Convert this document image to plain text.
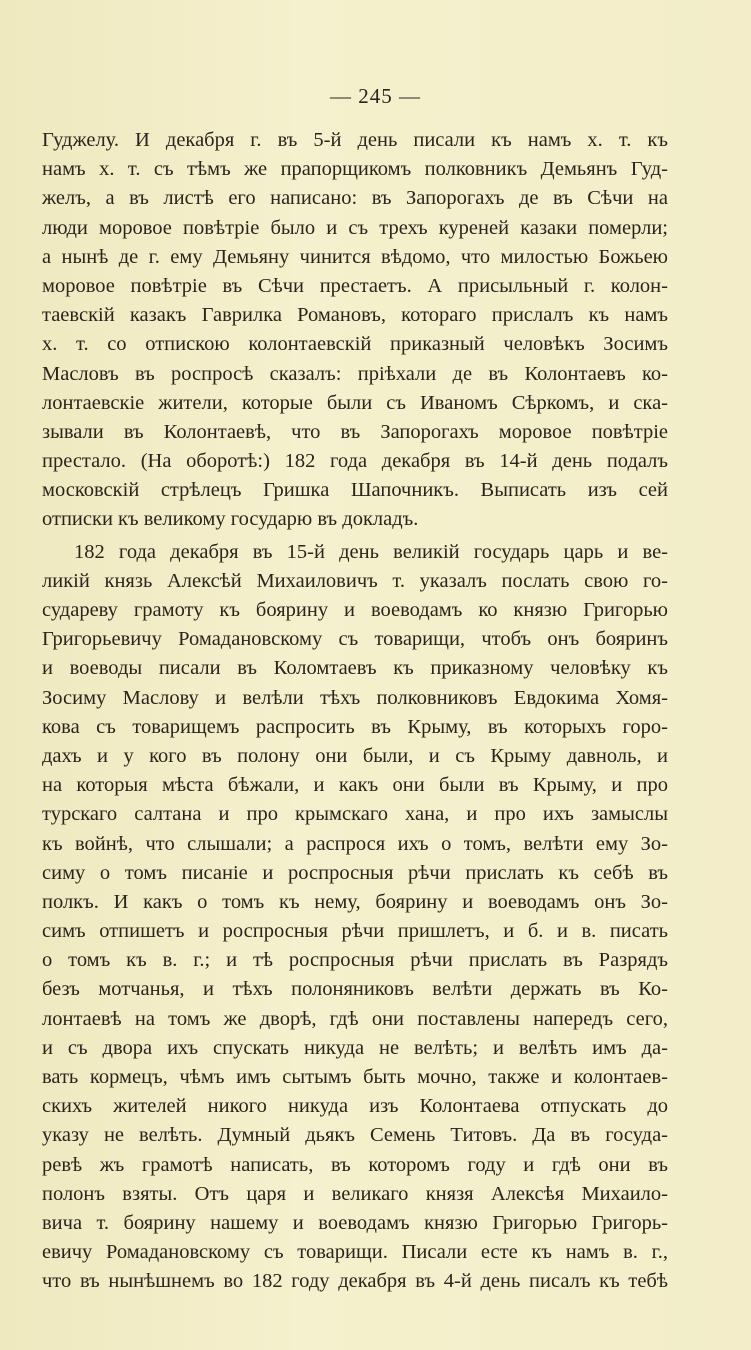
— 245 —
Гуджелу. И декабря г. въ 5-й день писали къ намъ х. т. къ
намъ х. т. съ тѣмъ же прапорщикомъ полковникъ Демьянъ Гуд-
желъ, а въ листѣ его написано: въ Запорогахъ де въ Сѣчи на
люди моровое повѣтріе было и съ трехъ куреней казаки померли;
а нынѣ де г. ему Демьяну чинится вѣдомо, что милостью Божьею
моровое повѣтріе въ Сѣчи престаетъ. А присыльный г. колон-
таевскій казакъ Гаврилка Романовъ, котораго прислалъ къ намъ
х. т. со отпискою колонтаевскій приказный человѣкъ Зосимъ
Масловъ въ роспросѣ сказалъ: пріѣхали де въ Колонтаевъ ко-
лонтаевскіе жители, которые были съ Иваномъ Сѣркомъ, и ска-
зывали въ Колонтаевѣ, что въ Запорогахъ моровое повѣтріе
престало. (На оборотѣ:) 182 года декабря въ 14-й день подалъ
московскій стрѣлецъ Гришка Шапочникъ. Выписать изъ сей
отписки къ великому государю въ докладъ.
182 года декабря въ 15-й день великій государь царь и ве-
ликій князь Алексѣй Михаиловичъ т. указалъ послать свою го-
судареву грамоту къ боярину и воеводамъ ко князю Григорью
Григорьевичу Ромадановскому съ товарищи, чтобъ онъ бояринъ
и воеводы писали въ Коломтаевъ къ приказному человѣку къ
Зосиму Маслову и велѣли тѣхъ полковниковъ Евдокима Хомя-
кова съ товарищемъ распросить въ Крыму, въ которыхъ горо-
дахъ и у кого въ полону они были, и съ Крыму давноль, и
на которыя мѣста бѣжали, и какъ они были въ Крыму, и про
турскаго салтана и про крымскаго хана, и про ихъ замыслы
къ войнѣ, что слышали; а распрося ихъ о томъ, велѣти ему Зо-
симу о томъ писаніе и роспросныя рѣчи прислать къ себѣ въ
полкъ. И какъ о томъ къ нему, боярину и воеводамъ онъ Зо-
симъ отпишетъ и роспросныя рѣчи пришлетъ, и б. и в. писать
о томъ къ в. г.; и тѣ роспросныя рѣчи прислать въ Разрядъ
безъ мотчанья, и тѣхъ полоняниковъ велѣти держать въ Ко-
лонтаевѣ на томъ же дворѣ, гдѣ они поставлены напередъ сего,
и съ двора ихъ спускать никуда не велѣть; и велѣть имъ да-
вать кормецъ, чѣмъ имъ сытымъ быть мочно, также и колонтаев-
скихъ жителей никого никуда изъ Колонтаева отпускать до
указу не велѣть. Думный дьякъ Семень Титовъ. Да въ госуда-
ревѣ жъ грамотѣ написать, въ которомъ году и гдѣ они въ
полонъ взяты. Отъ царя и великаго князя Алексѣя Михаило-
вича т. боярину нашему и воеводамъ князю Григорью Григорь-
евичу Ромадановскому съ товарищи. Писали есте къ намъ в. г.,
что въ нынѣшнемъ во 182 году декабря въ 4-й день писалъ къ тебѣ
